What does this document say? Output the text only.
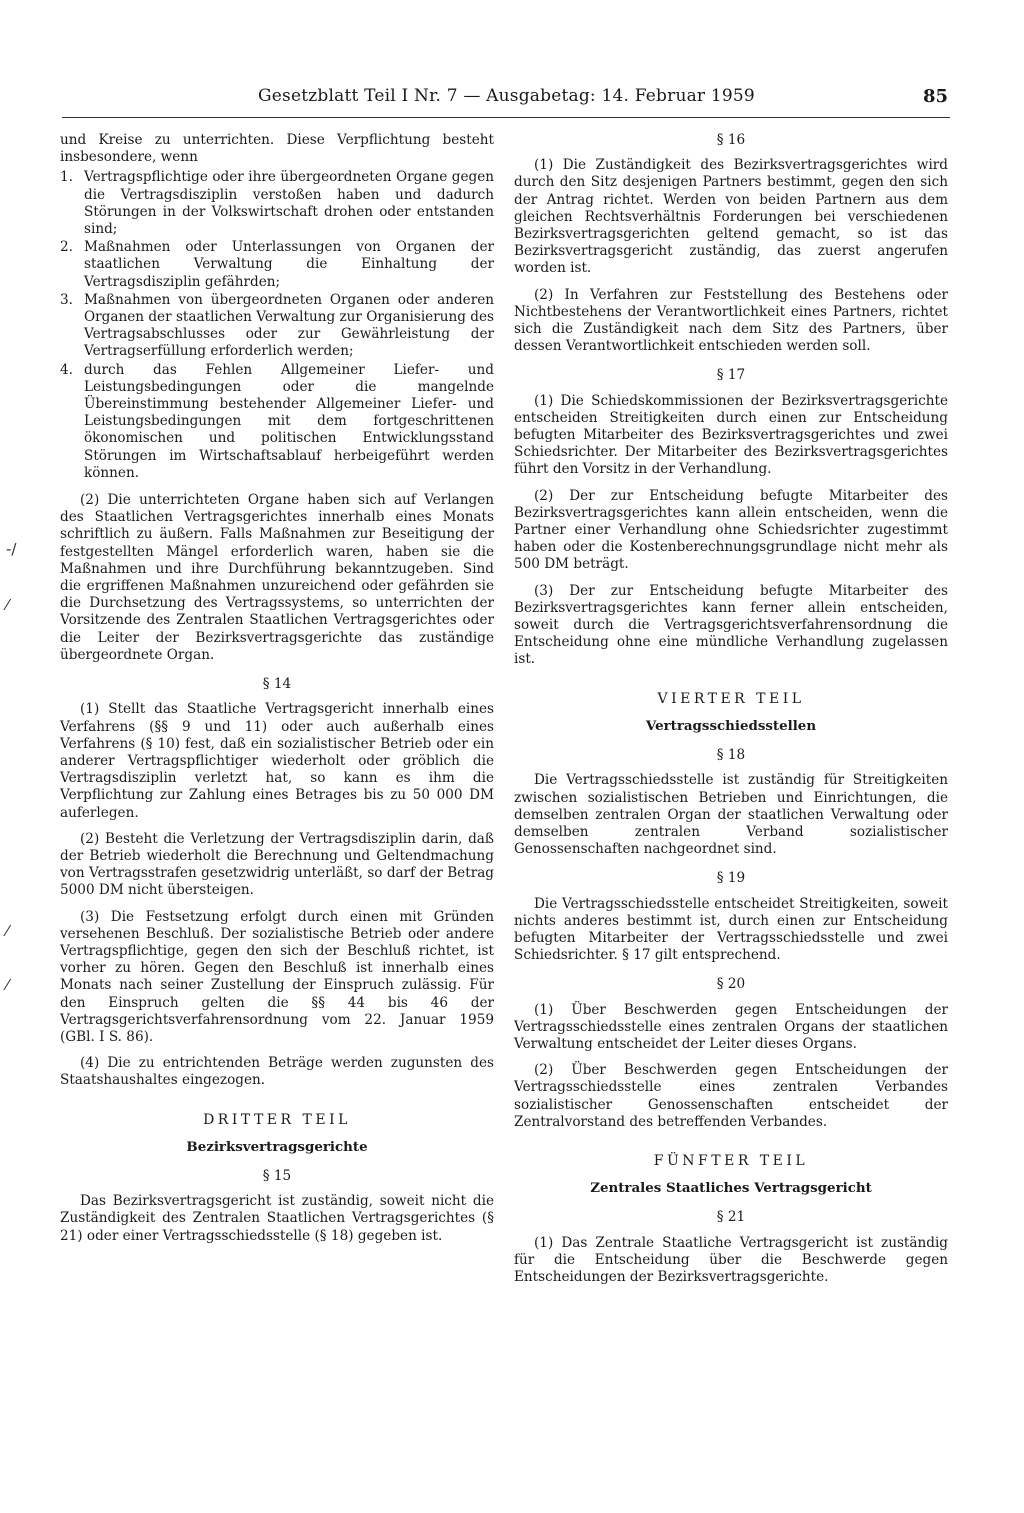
Gesetzblatt Teil I Nr. 7 — Ausgabetag: 14. Februar 1959	85
-/
⁄
⁄
⁄

und Kreise zu unterrichten. Diese Verpflichtung besteht insbesondere, wenn

1. Vertragspflichtige oder ihre übergeordneten Organe gegen die Vertragsdisziplin verstoßen haben und dadurch Störungen in der Volkswirtschaft drohen oder entstanden sind;
2. Maßnahmen oder Unterlassungen von Organen der staatlichen Verwaltung die Einhaltung der Vertragsdisziplin gefährden;
3. Maßnahmen von übergeordneten Organen oder anderen Organen der staatlichen Verwaltung zur Organisierung des Vertragsabschlusses oder zur Gewährleistung der Vertragserfüllung erforderlich werden;
4. durch das Fehlen Allgemeiner Liefer- und Leistungsbedingungen oder die mangelnde Übereinstimmung bestehender Allgemeiner Liefer- und Leistungsbedingungen mit dem fortgeschrittenen ökonomischen und politischen Entwicklungsstand Störungen im Wirtschaftsablauf herbeigeführt werden können.

(2) Die unterrichteten Organe haben sich auf Verlangen des Staatlichen Vertragsgerichtes innerhalb eines Monats schriftlich zu äußern. Falls Maßnahmen zur Beseitigung der festgestellten Mängel erforderlich waren, haben sie die Maßnahmen und ihre Durchführung bekanntzugeben. Sind die ergriffenen Maßnahmen unzureichend oder gefährden sie die Durchsetzung des Vertragssystems, so unterrichten der Vorsitzende des Zentralen Staatlichen Vertragsgerichtes oder die Leiter der Bezirksvertragsgerichte das zuständige übergeordnete Organ.

§ 14

(1) Stellt das Staatliche Vertragsgericht innerhalb eines Verfahrens (§§ 9 und 11) oder auch außerhalb eines Verfahrens (§ 10) fest, daß ein sozialistischer Betrieb oder ein anderer Vertragspflichtiger wiederholt oder gröblich die Vertragsdisziplin verletzt hat, so kann es ihm die Verpflichtung zur Zahlung eines Betrages bis zu 50 000 DM auferlegen.

(2) Besteht die Verletzung der Vertragsdisziplin darin, daß der Betrieb wiederholt die Berechnung und Geltendmachung von Vertragsstrafen gesetzwidrig unterläßt, so darf der Betrag 5000 DM nicht übersteigen.

(3) Die Festsetzung erfolgt durch einen mit Gründen versehenen Beschluß. Der sozialistische Betrieb oder andere Vertragspflichtige, gegen den sich der Beschluß richtet, ist vorher zu hören. Gegen den Beschluß ist innerhalb eines Monats nach seiner Zustellung der Einspruch zulässig. Für den Einspruch gelten die §§ 44 bis 46 der Vertragsgerichtsverfahrensordnung vom 22. Januar 1959 (GBl. I S. 86).

(4) Die zu entrichtenden Beträge werden zugunsten des Staatshaushaltes eingezogen.

DRITTER TEIL
Bezirksvertragsgerichte
§ 15

Das Bezirksvertragsgericht ist zuständig, soweit nicht die Zuständigkeit des Zentralen Staatlichen Vertragsgerichtes (§ 21) oder einer Vertragsschiedsstelle (§ 18) gegeben ist.

§ 16

(1) Die Zuständigkeit des Bezirksvertragsgerichtes wird durch den Sitz desjenigen Partners bestimmt, gegen den sich der Antrag richtet. Werden von beiden Partnern aus dem gleichen Rechtsverhältnis Forderungen bei verschiedenen Bezirksvertragsgerichten geltend gemacht, so ist das Bezirksvertragsgericht zuständig, das zuerst angerufen worden ist.

(2) In Verfahren zur Feststellung des Bestehens oder Nichtbestehens der Verantwortlichkeit eines Partners, richtet sich die Zuständigkeit nach dem Sitz des Partners, über dessen Verantwortlichkeit entschieden werden soll.

§ 17

(1) Die Schiedskommissionen der Bezirksvertragsgerichte entscheiden Streitigkeiten durch einen zur Entscheidung befugten Mitarbeiter des Bezirksvertragsgerichtes und zwei Schiedsrichter. Der Mitarbeiter des Bezirksvertragsgerichtes führt den Vorsitz in der Verhandlung.

(2) Der zur Entscheidung befugte Mitarbeiter des Bezirksvertragsgerichtes kann allein entscheiden, wenn die Partner einer Verhandlung ohne Schiedsrichter zugestimmt haben oder die Kostenberechnungsgrundlage nicht mehr als 500 DM beträgt.

(3) Der zur Entscheidung befugte Mitarbeiter des Bezirksvertragsgerichtes kann ferner allein entscheiden, soweit durch die Vertragsgerichtsverfahrensordnung die Entscheidung ohne eine mündliche Verhandlung zugelassen ist.

VIERTER TEIL
Vertragsschiedsstellen
§ 18

Die Vertragsschiedsstelle ist zuständig für Streitigkeiten zwischen sozialistischen Betrieben und Einrichtungen, die demselben zentralen Organ der staatlichen Verwaltung oder demselben zentralen Verband sozialistischer Genossenschaften nachgeordnet sind.

§ 19

Die Vertragsschiedsstelle entscheidet Streitigkeiten, soweit nichts anderes bestimmt ist, durch einen zur Entscheidung befugten Mitarbeiter der Vertragsschiedsstelle und zwei Schiedsrichter. § 17 gilt entsprechend.

§ 20

(1) Über Beschwerden gegen Entscheidungen der Vertragsschiedsstelle eines zentralen Organs der staatlichen Verwaltung entscheidet der Leiter dieses Organs.

(2) Über Beschwerden gegen Entscheidungen der Vertragsschiedsstelle eines zentralen Verbandes sozialistischer Genossenschaften entscheidet der Zentralvorstand des betreffenden Verbandes.

FÜNFTER TEIL
Zentrales Staatliches Vertragsgericht
§ 21

(1) Das Zentrale Staatliche Vertragsgericht ist zuständig für die Entscheidung über die Beschwerde gegen Entscheidungen der Bezirksvertragsgerichte.
